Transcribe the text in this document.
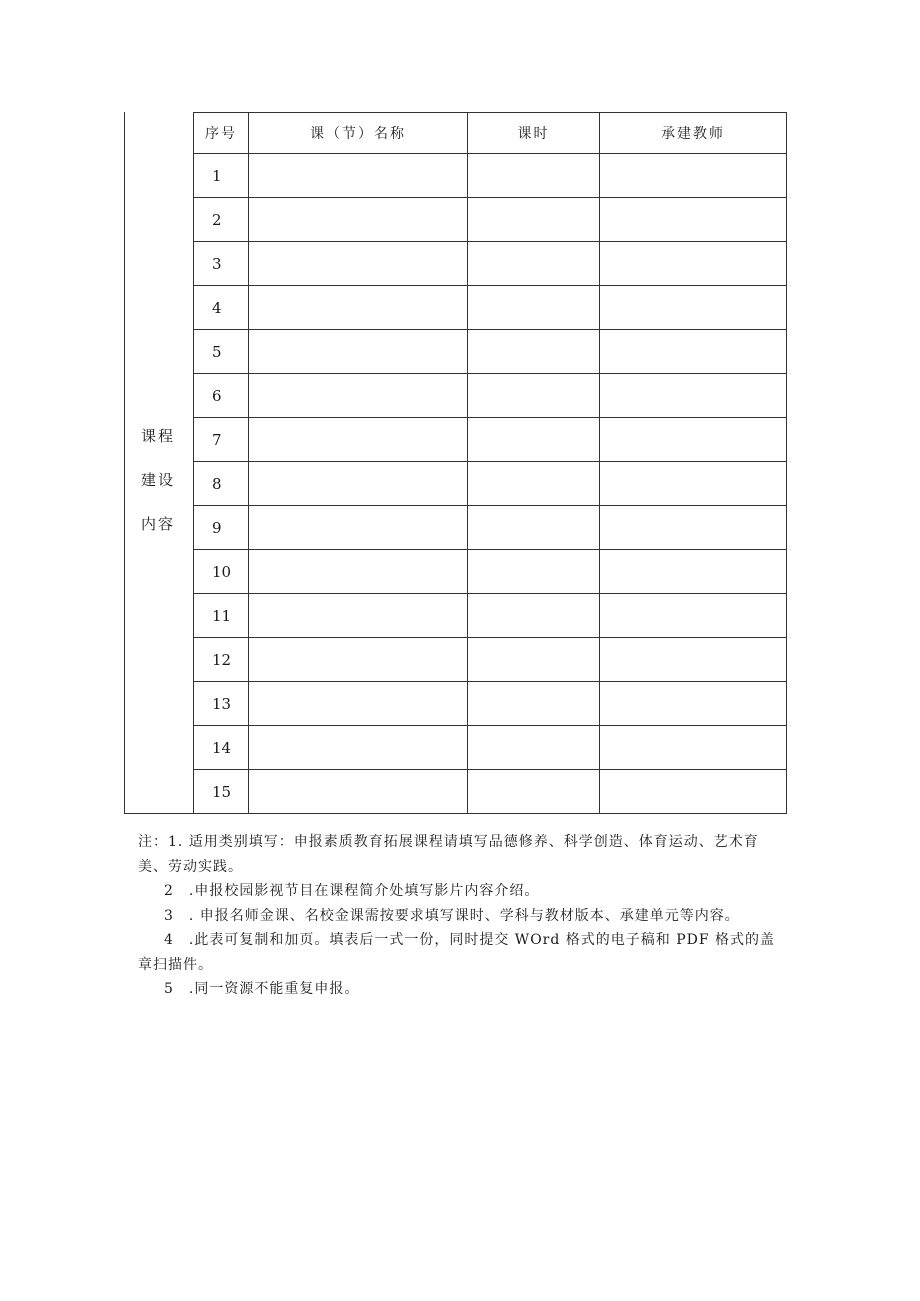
课程
建设
内容
序号	课（节）名称	课时	承建教师
1			
2			
3			
4			
5			
6			
7			
8			
9			
10			
11			
12			
13			
14			
15			

注：1. 适用类别填写：申报素质教育拓展课程请填写品德修养、科学创造、体育运动、艺术育美、劳动实践。

2　.申报校园影视节目在课程简介处填写影片内容介绍。

3　. 申报名师金课、名校金课需按要求填写课时、学科与教材版本、承建单元等内容。

4　.此表可复制和加页。填表后一式一份，同时提交 WOrd 格式的电子稿和 PDF 格式的盖章扫描件。

5　.同一资源不能重复申报。
